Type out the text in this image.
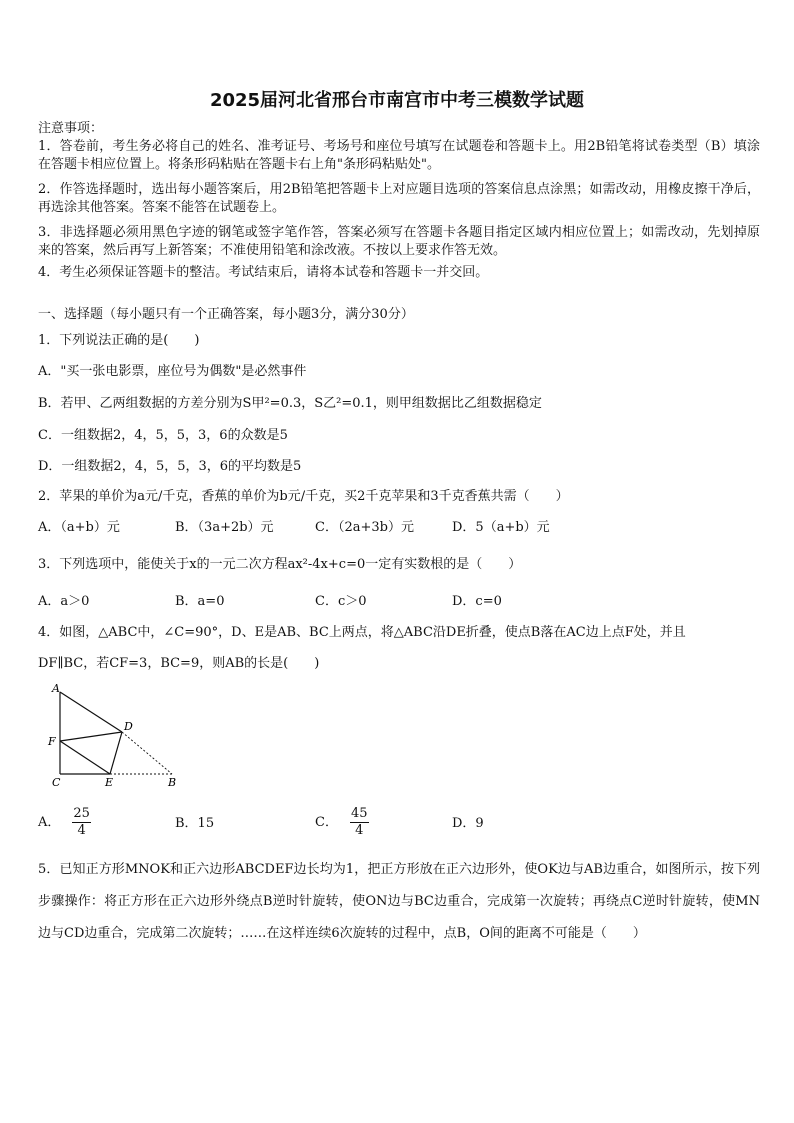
2025届河北省邢台市南宫市中考三模数学试题
注意事项：
1．答卷前，考生务必将自己的姓名、准考证号、考场号和座位号填写在试题卷和答题卡上。用2B铅笔将试卷类型（B）填涂在答题卡相应位置上。将条形码粘贴在答题卡右上角"条形码粘贴处"。
2．作答选择题时，选出每小题答案后，用2B铅笔把答题卡上对应题目选项的答案信息点涂黑；如需改动，用橡皮擦干净后，再选涂其他答案。答案不能答在试题卷上。
3．非选择题必须用黑色字迹的钢笔或签字笔作答，答案必须写在答题卡各题目指定区域内相应位置上；如需改动，先划掉原来的答案，然后再写上新答案；不准使用铅笔和涂改液。不按以上要求作答无效。
4．考生必须保证答题卡的整洁。考试结束后，请将本试卷和答题卡一并交回。
一、选择题（每小题只有一个正确答案，每小题3分，满分30分）
1．下列说法正确的是(　　)
A．"买一张电影票，座位号为偶数"是必然事件
B．若甲、乙两组数据的方差分别为S甲²=0.3，S乙²=0.1，则甲组数据比乙组数据稳定
C．一组数据2，4，5，5，3，6的众数是5
D．一组数据2，4，5，5，3，6的平均数是5
2．苹果的单价为a元/千克，香蕉的单价为b元/千克，买2千克苹果和3千克香蕉共需（　　）
A．（a+b）元	B．（3a+2b）元	C．（2a+3b）元	D．5（a+b）元
3．下列选项中，能使关于x的一元二次方程ax²-4x+c=0一定有实数根的是（　　）
A．a＞0	B．a=0	C．c＞0	D．c=0
4．如图，△ABC中，∠C=90°，D、E是AB、BC上两点，将△ABC沿DE折叠，使点B落在AC边上点F处，并且
DF∥BC，若CF=3，BC=9，则AB的长是(　　)
A
F
C	E
D
B
A． $\frac{25}{4}$	B．15	C． $\frac{45}{4}$	D．9
5．已知正方形MNOK和正六边形ABCDEF边长均为1，把正方形放在正六边形外，使OK边与AB边重合，如图所示，按下列步骤操作：将正方形在正六边形外绕点B逆时针旋转，使ON边与BC边重合，完成第一次旋转；再绕点C逆时针旋转，使MN边与CD边重合，完成第二次旋转；……在这样连续6次旋转的过程中，点B，O间的距离不可能是（　　）
